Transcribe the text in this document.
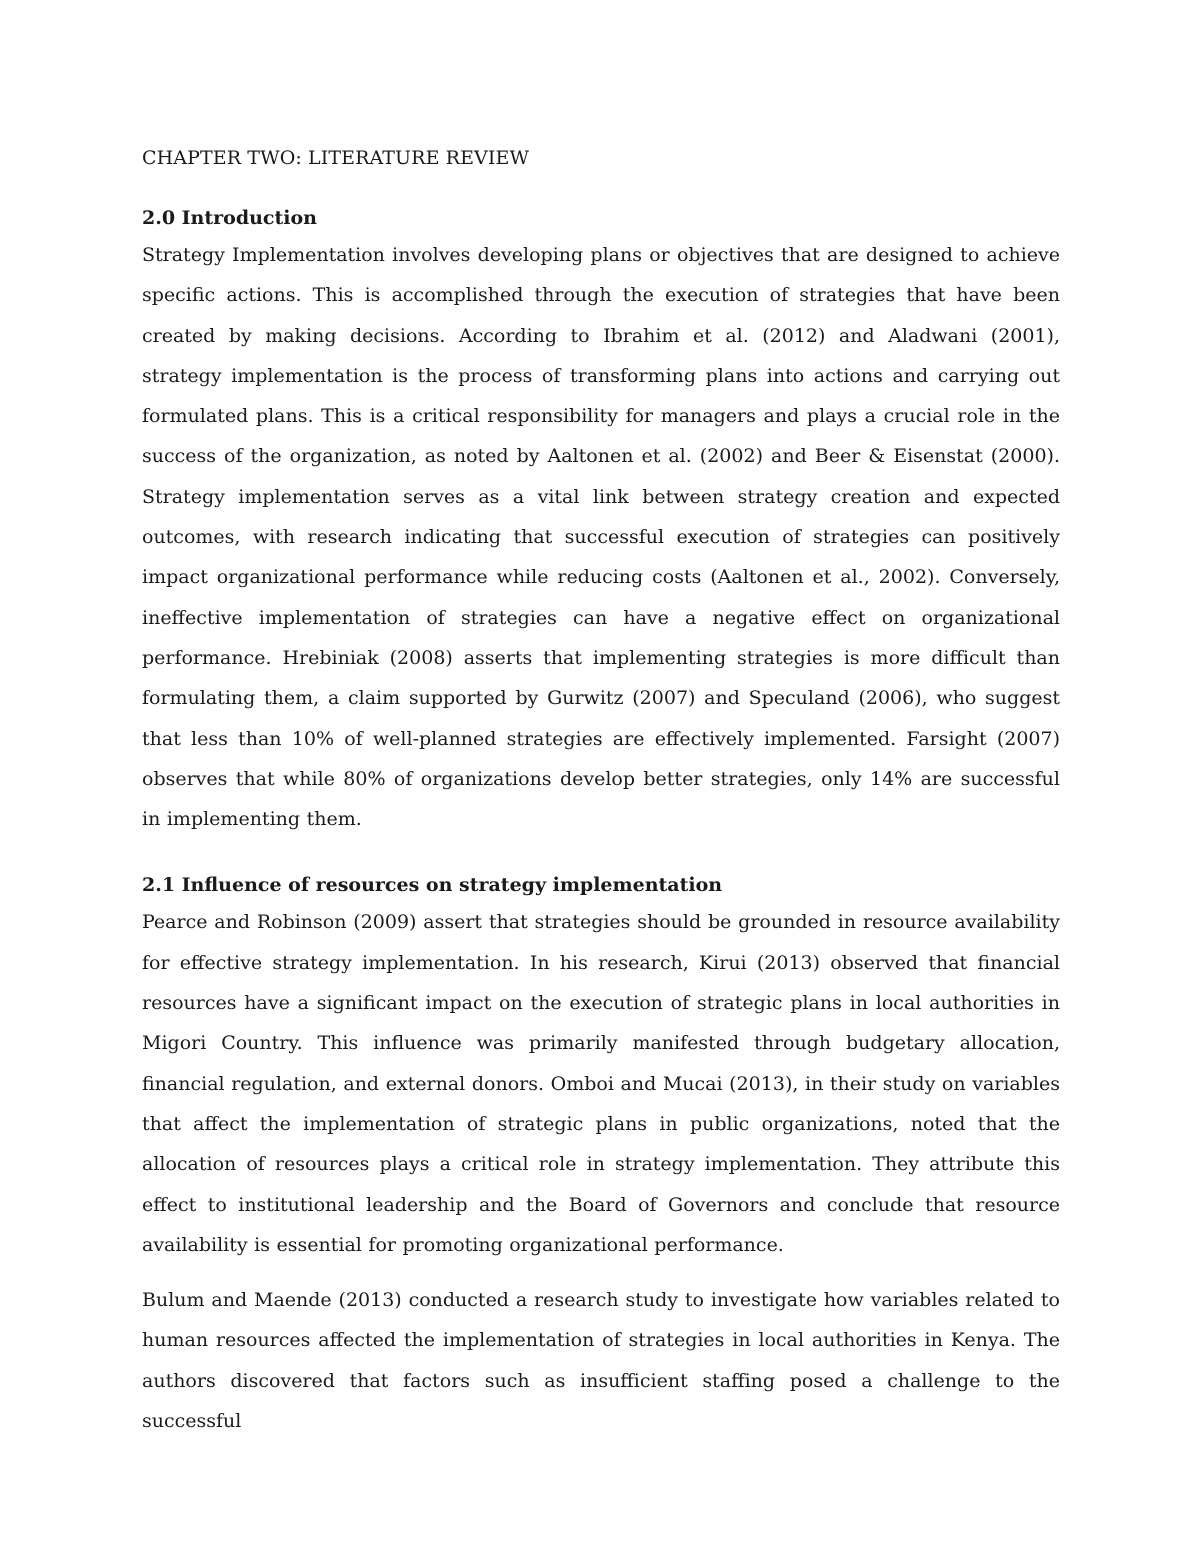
CHAPTER TWO: LITERATURE REVIEW
2.0 Introduction

Strategy Implementation involves developing plans or objectives that are designed to achieve specific actions. This is accomplished through the execution of strategies that have been created by making decisions. According to Ibrahim et al. (2012) and Aladwani (2001), strategy implementation is the process of transforming plans into actions and carrying out formulated plans. This is a critical responsibility for managers and plays a crucial role in the success of the organization, as noted by Aaltonen et al. (2002) and Beer & Eisenstat (2000). Strategy implementation serves as a vital link between strategy creation and expected outcomes, with research indicating that successful execution of strategies can positively impact organizational performance while reducing costs (Aaltonen et al., 2002). Conversely, ineffective implementation of strategies can have a negative effect on organizational performance. Hrebiniak (2008) asserts that implementing strategies is more difficult than formulating them, a claim supported by Gurwitz (2007) and Speculand (2006), who suggest that less than 10% of well-planned strategies are effectively implemented. Farsight (2007) observes that while 80% of organizations develop better strategies, only 14% are successful in implementing them.

2.1 Influence of resources on strategy implementation

Pearce and Robinson (2009) assert that strategies should be grounded in resource availability for effective strategy implementation. In his research, Kirui (2013) observed that financial resources have a significant impact on the execution of strategic plans in local authorities in Migori Country. This influence was primarily manifested through budgetary allocation, financial regulation, and external donors. Omboi and Mucai (2013), in their study on variables that affect the implementation of strategic plans in public organizations, noted that the allocation of resources plays a critical role in strategy implementation. They attribute this effect to institutional leadership and the Board of Governors and conclude that resource availability is essential for promoting organizational performance.

Bulum and Maende (2013) conducted a research study to investigate how variables related to human resources affected the implementation of strategies in local authorities in Kenya. The authors discovered that factors such as insufficient staffing posed a challenge to the successful
